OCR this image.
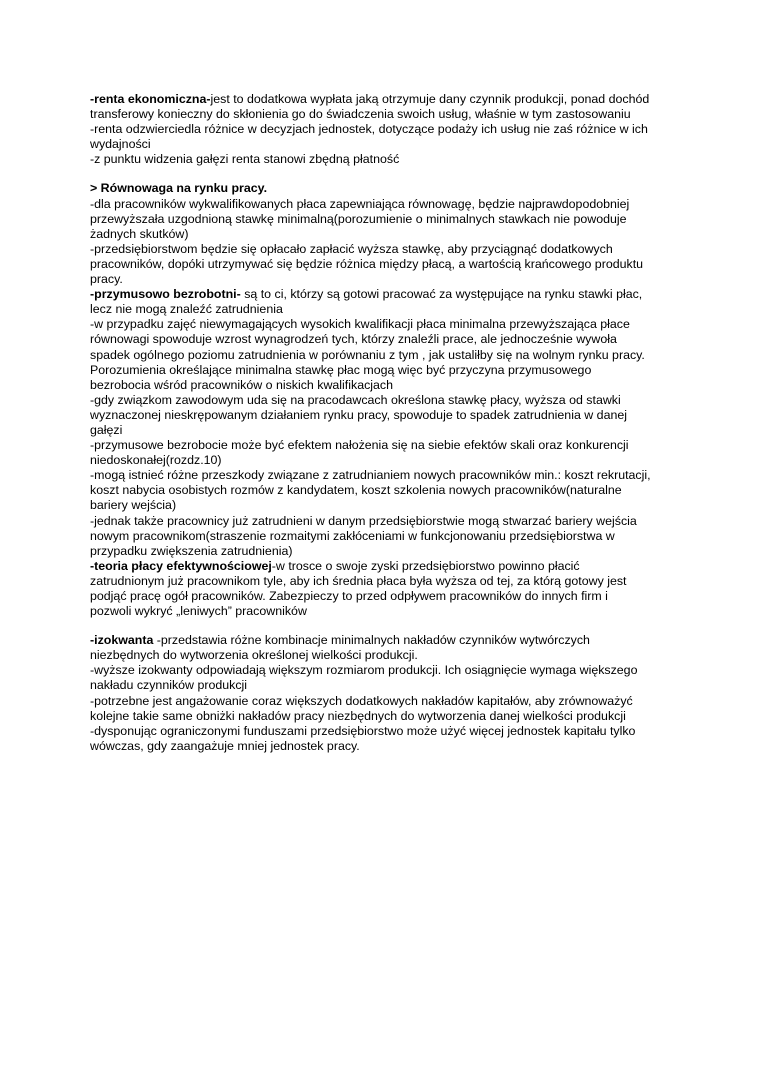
-renta ekonomiczna-jest to dodatkowa wypłata jaką otrzymuje dany czynnik produkcji, ponad dochód
transferowy konieczny do skłonienia go do świadczenia swoich usług, właśnie w tym zastosowaniu
-renta odzwierciedla różnice w decyzjach jednostek, dotyczące podaży ich usług nie zaś różnice w ich
wydajności
-z punktu widzenia gałęzi renta stanowi zbędną płatność
> Równowaga na rynku pracy.
-dla pracowników wykwalifikowanych płaca zapewniająca równowagę, będzie najprawdopodobniej
przewyższała uzgodnioną stawkę minimalną(porozumienie o minimalnych stawkach nie powoduje
żadnych skutków)
-przedsiębiorstwom będzie się opłacało zapłacić wyższa stawkę, aby przyciągnąć dodatkowych
pracowników, dopóki utrzymywać się będzie różnica między płacą, a wartością krańcowego produktu
pracy.
-przymusowo bezrobotni- są to ci, którzy są gotowi pracować za występujące na rynku stawki płac,
lecz nie mogą znaleźć zatrudnienia
-w przypadku zajęć niewymagających wysokich kwalifikacji płaca minimalna przewyższająca płace
równowagi spowoduje wzrost wynagrodzeń tych, którzy znaleźli prace, ale jednocześnie wywoła
spadek ogólnego poziomu zatrudnienia w porównaniu z tym , jak ustaliłby się na wolnym rynku pracy.
Porozumienia określające minimalna stawkę płac mogą więc być przyczyna przymusowego
bezrobocia wśród pracowników o niskich kwalifikacjach
-gdy związkom zawodowym uda się na pracodawcach określona stawkę płacy, wyższa od stawki
wyznaczonej nieskrępowanym działaniem rynku pracy, spowoduje to spadek zatrudnienia w danej
gałęzi
-przymusowe bezrobocie może być efektem nałożenia się na siebie efektów skali oraz konkurencji
niedoskonałej(rozdz.10)
-mogą istnieć różne przeszkody związane z zatrudnianiem nowych pracowników min.: koszt rekrutacji,
koszt nabycia osobistych rozmów z kandydatem, koszt szkolenia nowych pracowników(naturalne
bariery wejścia)
-jednak także pracownicy już zatrudnieni w danym przedsiębiorstwie mogą stwarzać bariery wejścia
nowym pracownikom(straszenie rozmaitymi zakłóceniami w funkcjonowaniu przedsiębiorstwa w
przypadku zwiększenia zatrudnienia)
-teoria płacy efektywnościowej-w trosce o swoje zyski przedsiębiorstwo powinno płacić
zatrudnionym już pracownikom tyle, aby ich średnia płaca była wyższa od tej, za którą gotowy jest
podjąć pracę ogół pracowników. Zabezpieczy to przed odpływem pracowników do innych firm i
pozwoli wykryć „leniwych” pracowników
-izokwanta -przedstawia różne kombinacje minimalnych nakładów czynników wytwórczych
niezbędnych do wytworzenia określonej wielkości produkcji.
-wyższe izokwanty odpowiadają większym rozmiarom produkcji. Ich osiągnięcie wymaga większego
nakładu czynników produkcji
-potrzebne jest angażowanie coraz większych dodatkowych nakładów kapitałów, aby zrównoważyć
kolejne takie same obniżki nakładów pracy niezbędnych do wytworzenia danej wielkości produkcji
-dysponując ograniczonymi funduszami przedsiębiorstwo może użyć więcej jednostek kapitału tylko
wówczas, gdy zaangażuje mniej jednostek pracy.
